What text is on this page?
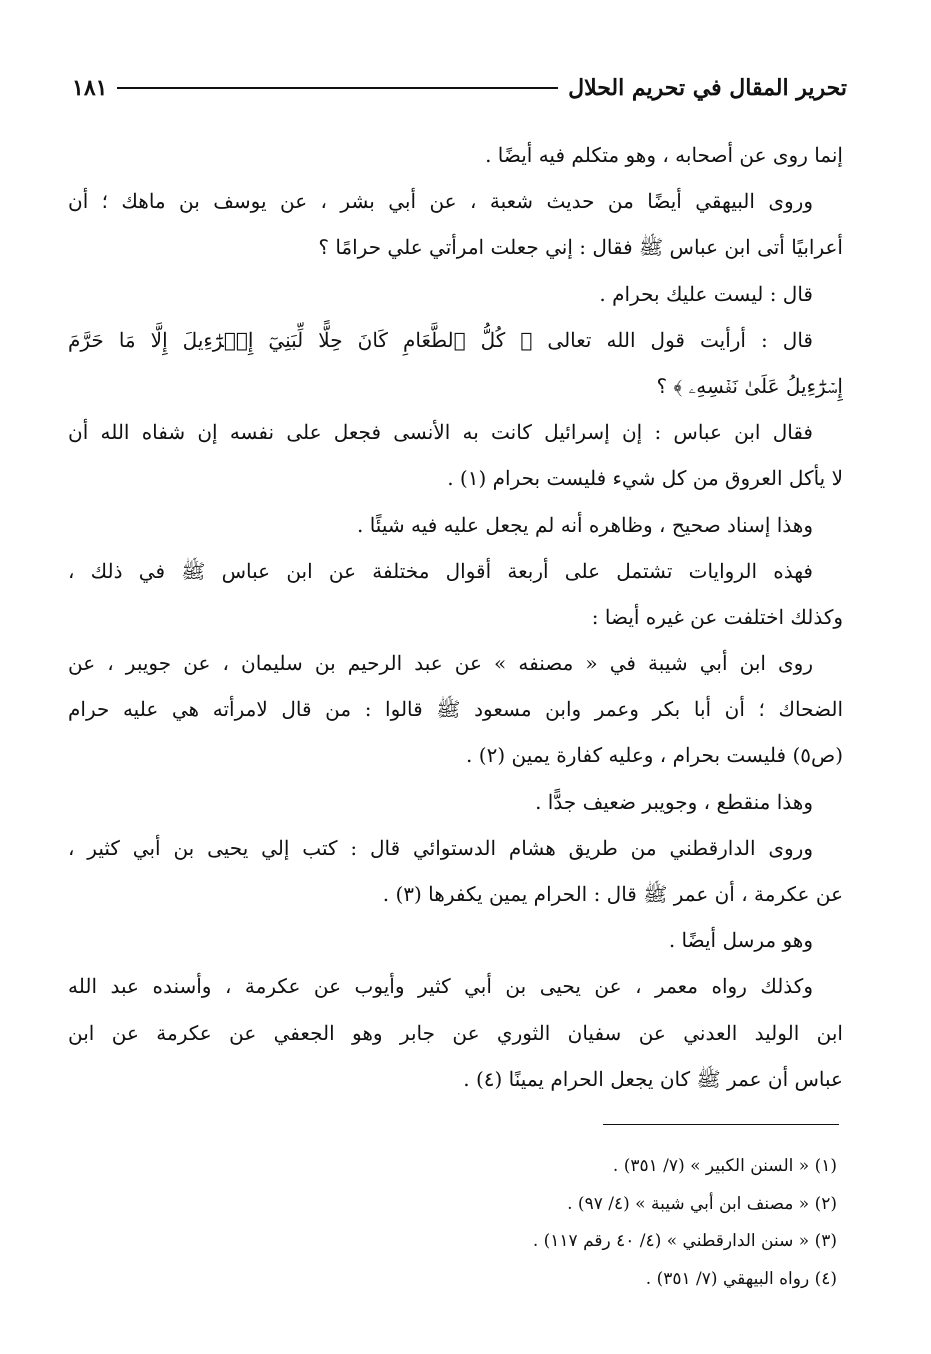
تحرير المقال في تحريم الحلال
١٨١
إنما روى عن أصحابه ، وهو متكلم فيه أيضًا .
وروى البيهقي أيضًا من حديث شعبة ، عن أبي بشر ، عن يوسف بن ماهك ؛ أن
أعرابيًا أتى ابن عباس ﷺ فقال : إني جعلت امرأتي علي حرامًا ؟
قال : ليست عليك بحرام .
قال : أرأيت قول الله تعالى ﴿ كُلُّ ٱلطَّعَامِ كَانَ حِلًّا لِّبَنِيٓ إِسۡرَٰٓءِيلَ إِلَّا مَا حَرَّمَ
إِسۡرَٰٓءِيلُ عَلَىٰ نَفۡسِهِۦ ﴾ ؟
فقال ابن عباس : إن إسرائيل كانت به الأنسى فجعل على نفسه إن شفاه الله أن
لا يأكل العروق من كل شيء فليست بحرام (١) .
وهذا إسناد صحيح ، وظاهره أنه لم يجعل عليه فيه شيئًا .
فهذه الروايات تشتمل على أربعة أقوال مختلفة عن ابن عباس ﷺ في ذلك ،
وكذلك اختلفت عن غيره أيضا :
روى ابن أبي شيبة في « مصنفه » عن عبد الرحيم بن سليمان ، عن جويبر ، عن
الضحاك ؛ أن أبا بكر وعمر وابن مسعود ﷺ قالوا : من قال لامرأته هي عليه حرام
(ص٥) فليست بحرام ، وعليه كفارة يمين (٢) .
وهذا منقطع ، وجويبر ضعيف جدًّا .
وروى الدارقطني من طريق هشام الدستوائي قال : كتب إلي يحيى بن أبي كثير ،
عن عكرمة ، أن عمر ﷺ قال : الحرام يمين يكفرها (٣) .
وهو مرسل أيضًا .
وكذلك رواه معمر ، عن يحيى بن أبي كثير وأيوب عن عكرمة ، وأسنده عبد الله
ابن الوليد العدني عن سفيان الثوري عن جابر وهو الجعفي عن عكرمة عن ابن
عباس أن عمر ﷺ كان يجعل الحرام يمينًا (٤) .
(١) « السنن الكبير » (٧/ ٣٥١) .
(٢) « مصنف ابن أبي شيبة » (٤/ ٩٧) .
(٣) « سنن الدارقطني » (٤/ ٤٠ رقم ١١٧) .
(٤) رواه البيهقي (٧/ ٣٥١) .
